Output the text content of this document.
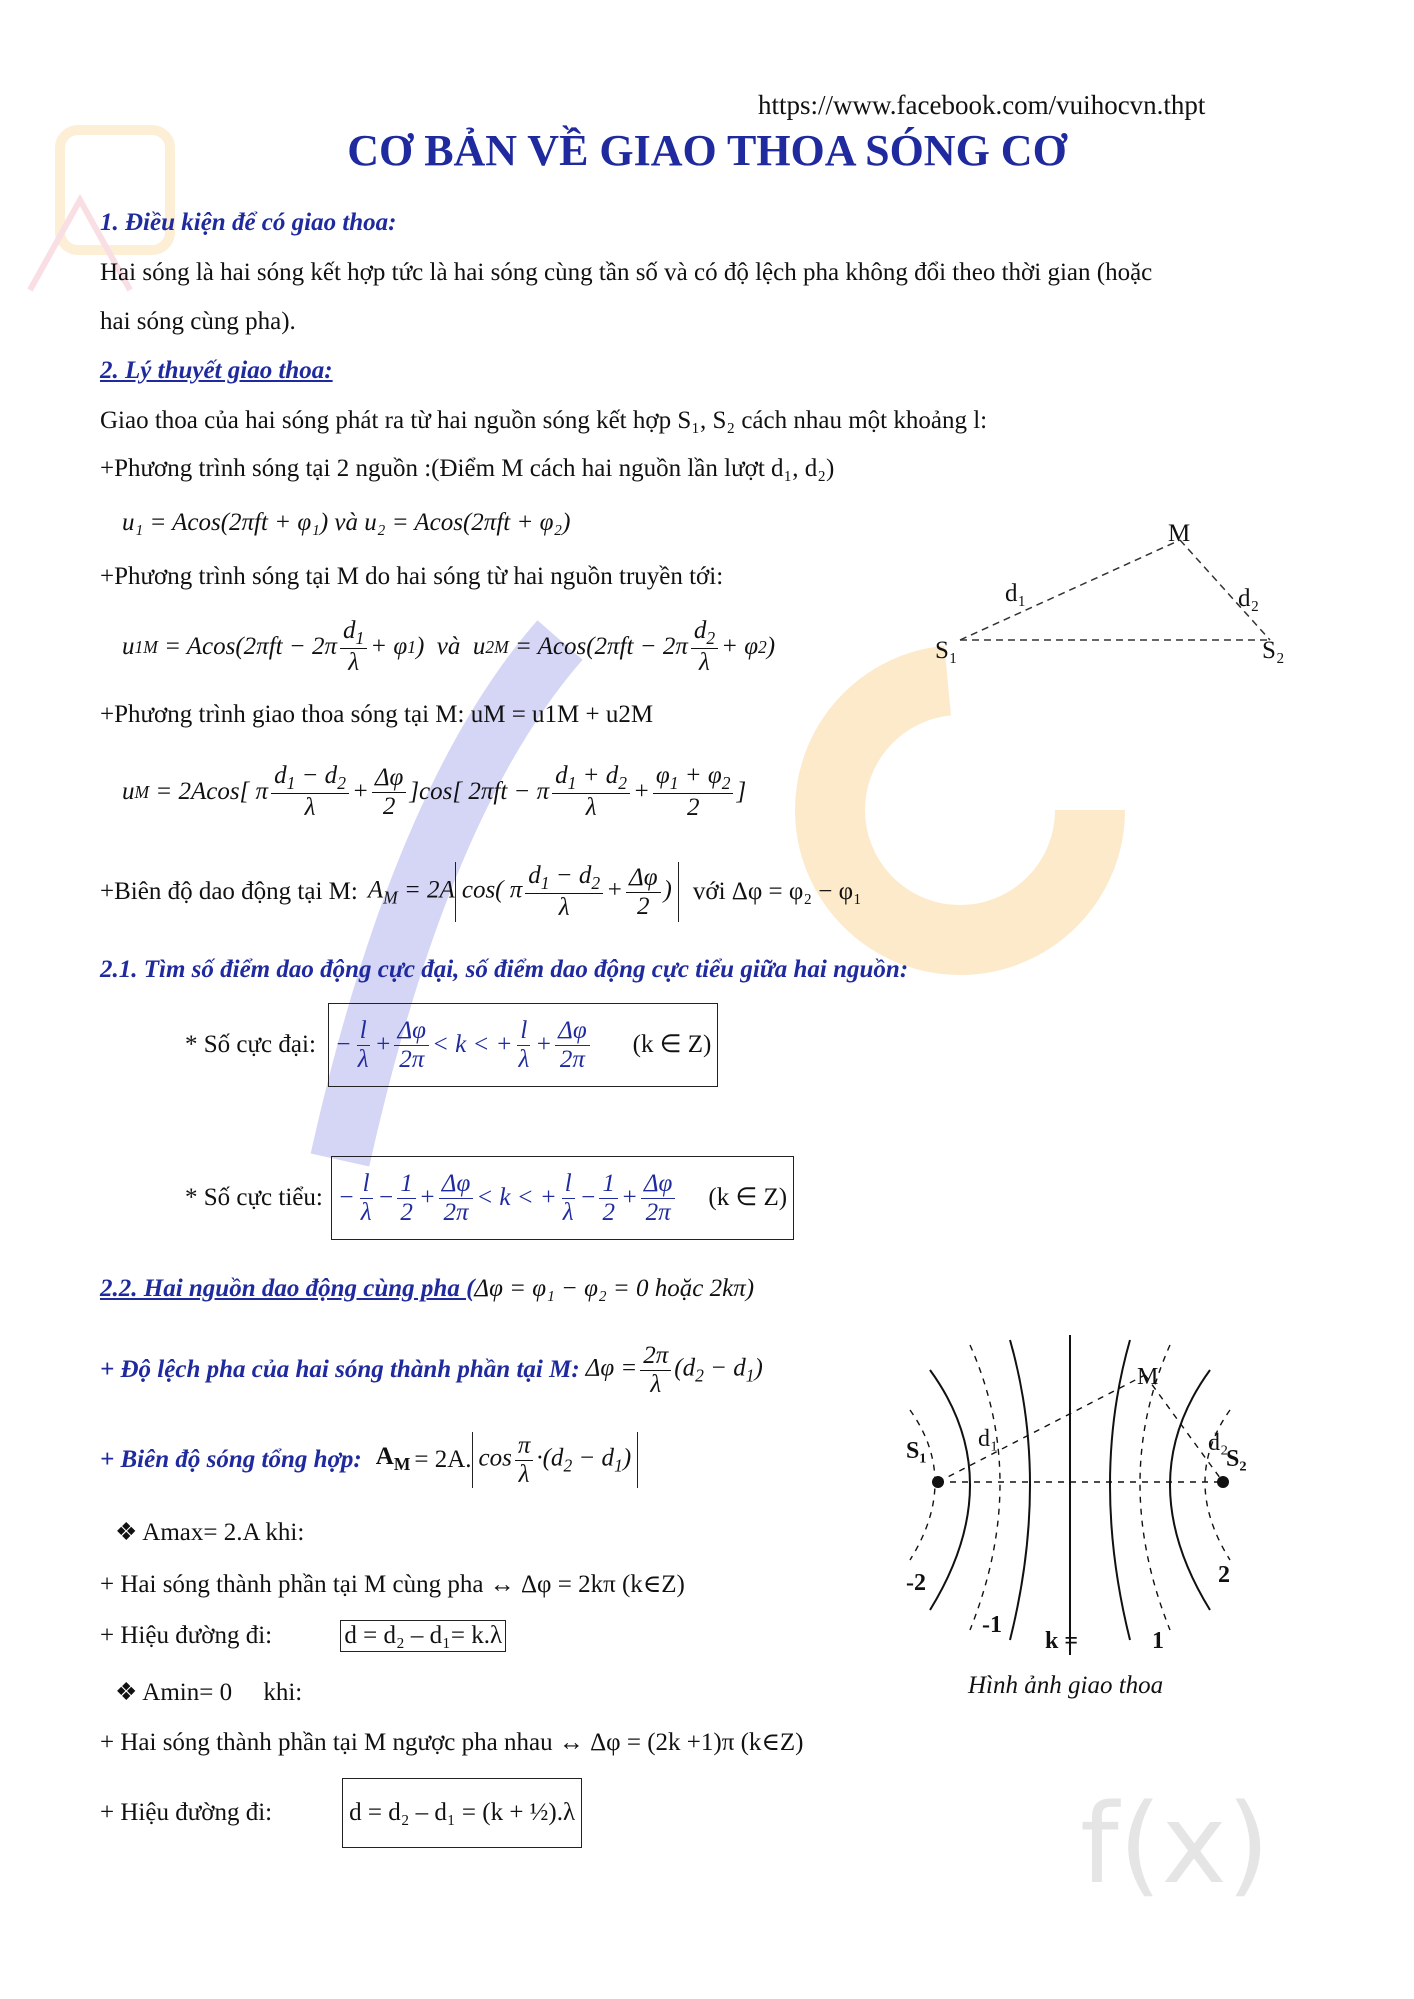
f(x)
https://www.facebook.com/vuihocvn.thpt
CƠ BẢN VỀ GIAO THOA SÓNG CƠ
1. Điều kiện để có giao thoa:
Hai sóng là hai sóng kết hợp tức là hai sóng cùng tần số và có độ lệch pha không đổi theo thời gian (hoặc
hai sóng cùng pha).
2. Lý thuyết giao thoa:
Giao thoa của hai sóng phát ra từ hai nguồn sóng kết hợp S₁, S₂ cách nhau một khoảng l:
+Phương trình sóng tại 2 nguồn :(Điểm M cách hai nguồn lần lượt d₁, d₂)
u₁ = Acos(2πft + φ₁) và u₂ = Acos(2πft + φ₂)
+Phương trình sóng tại M do hai sóng từ hai nguồn truyền tới:
u $1M = Acos(2\pi ft - 2\pi \frac{d_1}{\lambda} + \varphi$ 1 )  và  u $2M = Acos(2\pi ft - 2\pi \frac{d_2}{\lambda} + \varphi$ 2 )
+Phương trình giao thoa sóng tại M: uM = u1M + u2M
u M = 2Acos[ π $\frac{d_1 - d_2}{\lambda} + \frac{\Delta\varphi}{2} ]\cos$[ 2πft − π $\frac{d_1 + d_2}{\lambda} + \frac{\varphi_1 + \varphi_2}{2}$ ]
+Biên độ dao động tại M: $A_M = 2A$ cos( π $\frac{d_1 - d_2}{\lambda} + \frac{\Delta\varphi}{2}$ ) với Δφ = φ₂ − φ₁
M
d₁	d₂
S₁	S₂
2.1. Tìm số điểm dao động cực đại, số điểm dao động cực tiểu giữa hai nguồn:
* Số cực đại: − $\frac{l}{\lambda} + \frac{\Delta\varphi}{2\pi} < k$ < + $\frac{l}{\lambda} + \frac{\Delta\varphi}{2\pi} (k$ ∈ Z)
* Số cực tiểu: − $\frac{l}{\lambda} - \frac{1}{2} + \frac{\Delta\varphi}{2\pi} < k$ < + $\frac{l}{\lambda} - \frac{1}{2} + \frac{\Delta\varphi}{2\pi} (k$ ∈ Z)
2.2. Hai nguồn dao động cùng pha (Δφ = φ₁ − φ₂ = 0 hoặc 2kπ)
+ Độ lệch pha của hai sóng thành phần tại M: $\Delta\varphi = \frac{2\pi}{\lambda} (d_2 - d_1)$
+ Biên độ sóng tổng hợp: $A_M = 2A$. $\cos \frac{\pi}{\lambda} \cdot(d_2 - d_1)$
❖ Amax= 2.A khi:
+ Hai sóng thành phần tại M cùng pha ↔ Δφ = 2kπ (k∈Z)
+ Hiệu đường đi:	d = d₂ – d₁= k.λ
❖ Amin= 0     khi:
+ Hai sóng thành phần tại M ngược pha nhau ↔ Δφ = (2k +1)π (k∈Z)
+ Hiệu đường đi:	d = d₂ – d₁ = (k + ½).λ
M
S₁ d₁	d₂
S₂
-2
-1
k =	1
2
Hình ảnh giao thoa
